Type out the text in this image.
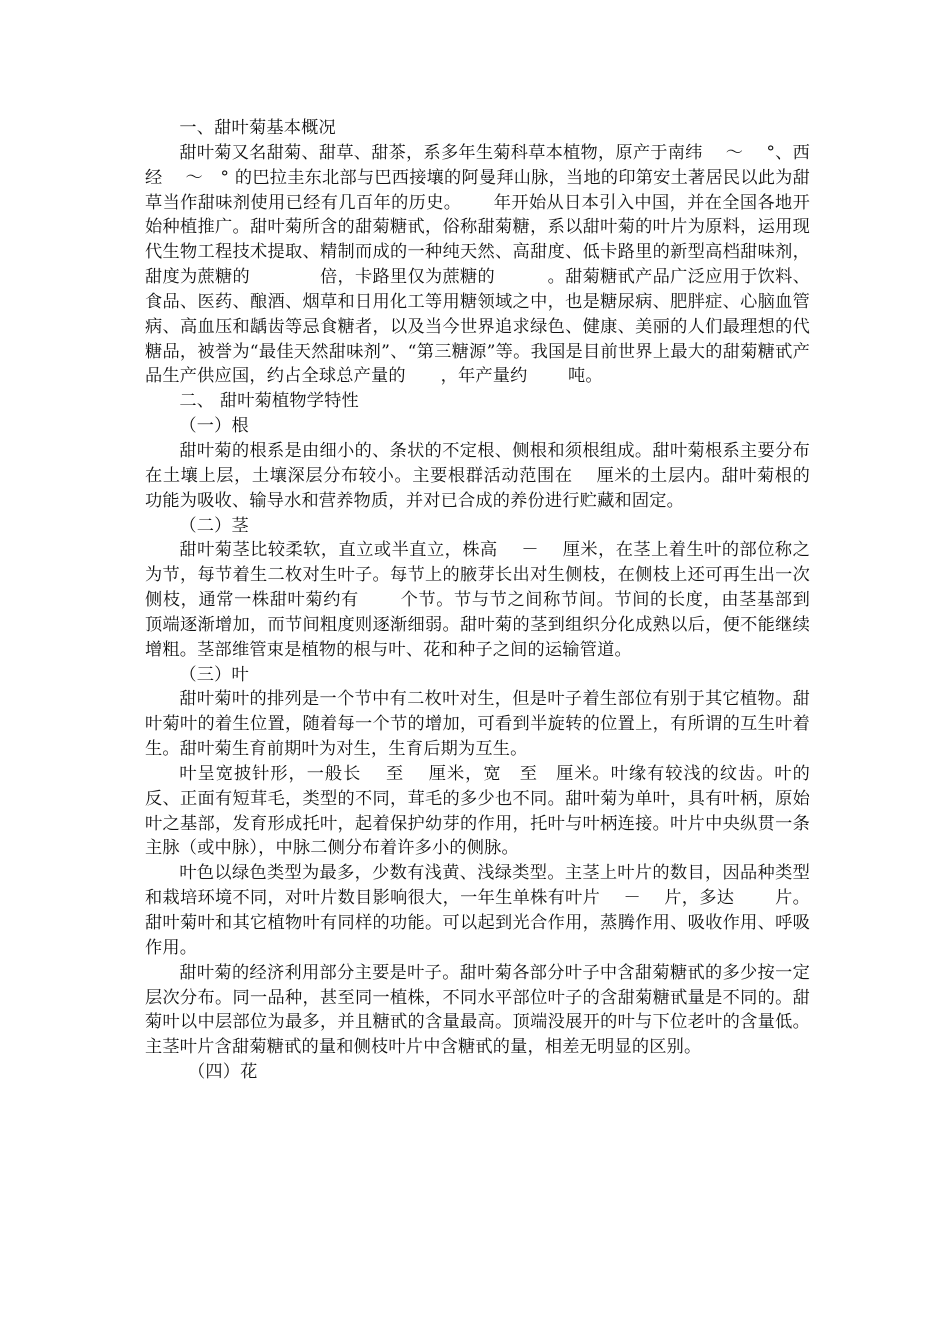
一、甜叶菊基本概况

甜叶菊又名甜菊、甜草、甜茶，系多年生菊科草本植物，原产于南纬　 ～　 °、西经　 ～　° 的巴拉圭东北部与巴西接壤的阿曼拜山脉，当地的印第安土著居民以此为甜草当作甜味剂使用已经有几百年的历史。　　 年开始从日本引入中国，并在全国各地开始种植推广。甜叶菊所含的甜菊糖甙，俗称甜菊糖，系以甜叶菊的叶片为原料，运用现代生物工程技术提取、精制而成的一种纯天然、高甜度、低卡路里的新型高档甜味剂，甜度为蔗糖的　　　　倍，卡路里仅为蔗糖的　　　。甜菊糖甙产品广泛应用于饮料、食品、医药、酿酒、烟草和日用化工等用糖领域之中，也是糖尿病、肥胖症、心脑血管病、高血压和龋齿等忌食糖者，以及当今世界追求绿色、健康、美丽的人们最理想的代糖品，被誉为“最佳天然甜味剂”、“第三糖源”等。我国是目前世界上最大的甜菊糖甙产品生产供应国，约占全球总产量的　　，年产量约　　 吨。

二、 甜叶菊植物学特性

（一）根

甜叶菊的根系是由细小的、条状的不定根、侧根和须根组成。甜叶菊根系主要分布在土壤上层，土壤深层分布较小。主要根群活动范围在　 厘米的土层内。甜叶菊根的功能为吸收、输导水和营养物质，并对已合成的养份进行贮藏和固定。

（二）茎

甜叶菊茎比较柔软，直立或半直立，株高　 －　 厘米，在茎上着生叶的部位称之为节，每节着生二枚对生叶子。每节上的腋芽长出对生侧枝，在侧枝上还可再生出一次侧枝，通常一株甜叶菊约有　　 个节。节与节之间称节间。节间的长度，由茎基部到顶端逐渐增加，而节间粗度则逐渐细弱。甜叶菊的茎到组织分化成熟以后，便不能继续增粗。茎部维管束是植物的根与叶、花和种子之间的运输管道。

（三）叶

甜叶菊叶的排列是一个节中有二枚叶对生，但是叶子着生部位有别于其它植物。甜叶菊叶的着生位置，随着每一个节的增加，可看到半旋转的位置上，有所谓的互生叶着生。甜叶菊生育前期叶为对生，生育后期为互生。

叶呈宽披针形，一般长　 至　 厘米，宽　至　厘米。叶缘有较浅的纹齿。叶的反、正面有短茸毛，类型的不同，茸毛的多少也不同。甜叶菊为单叶，具有叶柄，原始叶之基部，发育形成托叶，起着保护幼芽的作用，托叶与叶柄连接。叶片中央纵贯一条主脉（或中脉），中脉二侧分布着许多小的侧脉。

叶色以绿色类型为最多，少数有浅黄、浅绿类型。主茎上叶片的数目，因品种类型和栽培环境不同，对叶片数目影响很大，一年生单株有叶片　 －　 片，多达　　 片。甜叶菊叶和其它植物叶有同样的功能。可以起到光合作用，蒸腾作用、吸收作用、呼吸作用。

甜叶菊的经济利用部分主要是叶子。甜叶菊各部分叶子中含甜菊糖甙的多少按一定层次分布。同一品种，甚至同一植株，不同水平部位叶子的含甜菊糖甙量是不同的。甜菊叶以中层部位为最多，并且糖甙的含量最高。顶端没展开的叶与下位老叶的含量低。主茎叶片含甜菊糖甙的量和侧枝叶片中含糖甙的量，相差无明显的区别。

（四）花
